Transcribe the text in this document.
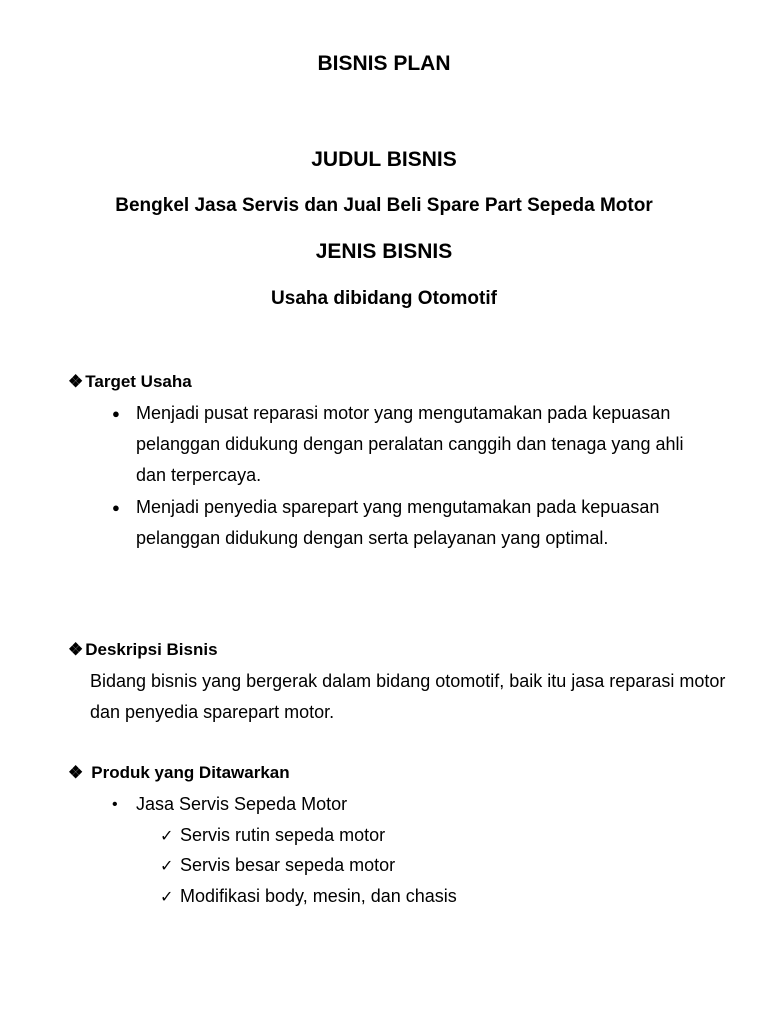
BISNIS PLAN
JUDUL BISNIS
Bengkel Jasa Servis dan Jual Beli Spare Part Sepeda Motor
JENIS BISNIS
Usaha dibidang Otomotif
❖ Target Usaha
● Menjadi pusat reparasi motor yang mengutamakan pada kepuasan pelanggan didukung dengan peralatan canggih dan tenaga yang ahli dan terpercaya.
● Menjadi penyedia sparepart yang mengutamakan pada kepuasan pelanggan didukung dengan serta pelayanan yang optimal.
❖ Deskripsi Bisnis
Bidang bisnis yang bergerak dalam bidang otomotif, baik itu jasa reparasi motor dan penyedia sparepart motor.
❖ Produk yang Ditawarkan
•	Jasa Servis Sepeda Motor
✓ Servis rutin sepeda motor
✓ Servis besar sepeda motor
✓ Modifikasi body, mesin, dan chasis
